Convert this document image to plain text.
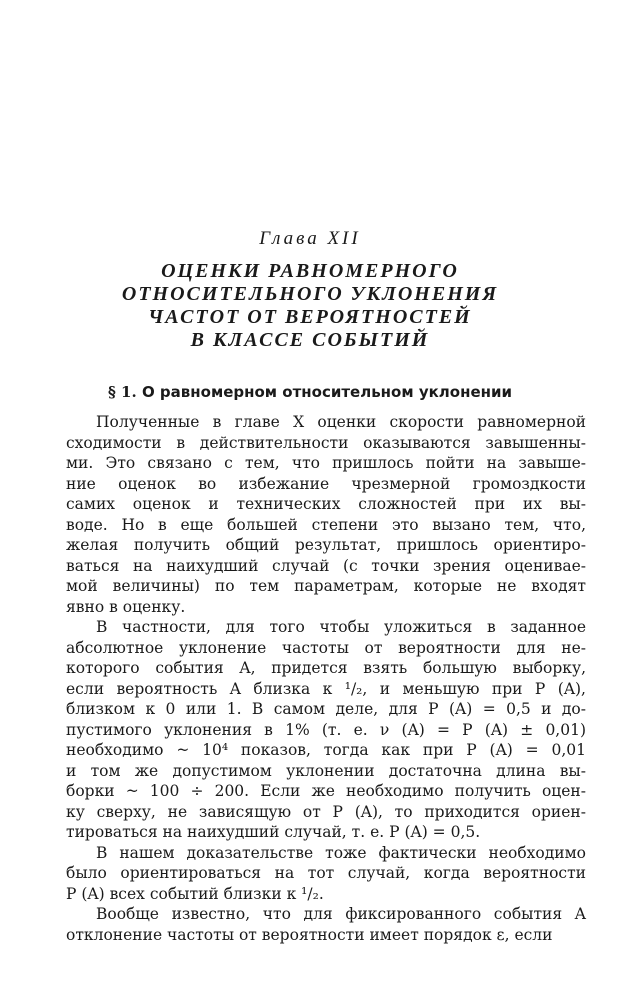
Глава XII
ОЦЕНКИ РАВНОМЕРНОГО
ОТНОСИТЕЛЬНОГО УКЛОНЕНИЯ
ЧАСТОТ ОТ ВЕРОЯТНОСТЕЙ
В КЛАССЕ СОБЫТИЙ
§ 1. О равномерном относительном уклонении
Полученные в главе X оценки скорости равномерной
сходимости в действительности оказываются завышенны-
ми. Это связано с тем, что пришлось пойти на завыше-
ние оценок во избежание чрезмерной громоздкости
самих оценок и технических сложностей при их вы-
воде. Но в еще большей степени это вызано тем, что,
желая получить общий результат, пришлось ориентиро-
ваться на наихудший случай (с точки зрения оценивае-
мой величины) по тем параметрам, которые не входят
явно в оценку.
В частности, для того чтобы уложиться в заданное
абсолютное уклонение частоты от вероятности для не-
которого события A, придется взять большую выборку,
если вероятность A близка к ¹/₂, и меньшую при P (A),
близком к 0 или 1. В самом деле, для P (A) = 0,5 и до-
пустимого уклонения в 1% (т. е. ν (A) = P (A) ± 0,01)
необходимо ~ 10⁴ показов, тогда как при P (A) = 0,01
и том же допустимом уклонении достаточна длина вы-
борки ~ 100 ÷ 200. Если же необходимо получить оцен-
ку сверху, не зависящую от P (A), то приходится ориен-
тироваться на наихудший случай, т. е. P (A) = 0,5.
В нашем доказательстве тоже фактически необходимо
было ориентироваться на тот случай, когда вероятности
P (A) всех событий близки к ¹/₂.
Вообще известно, что для фиксированного события A
отклонение частоты от вероятности имеет порядок ε, если
